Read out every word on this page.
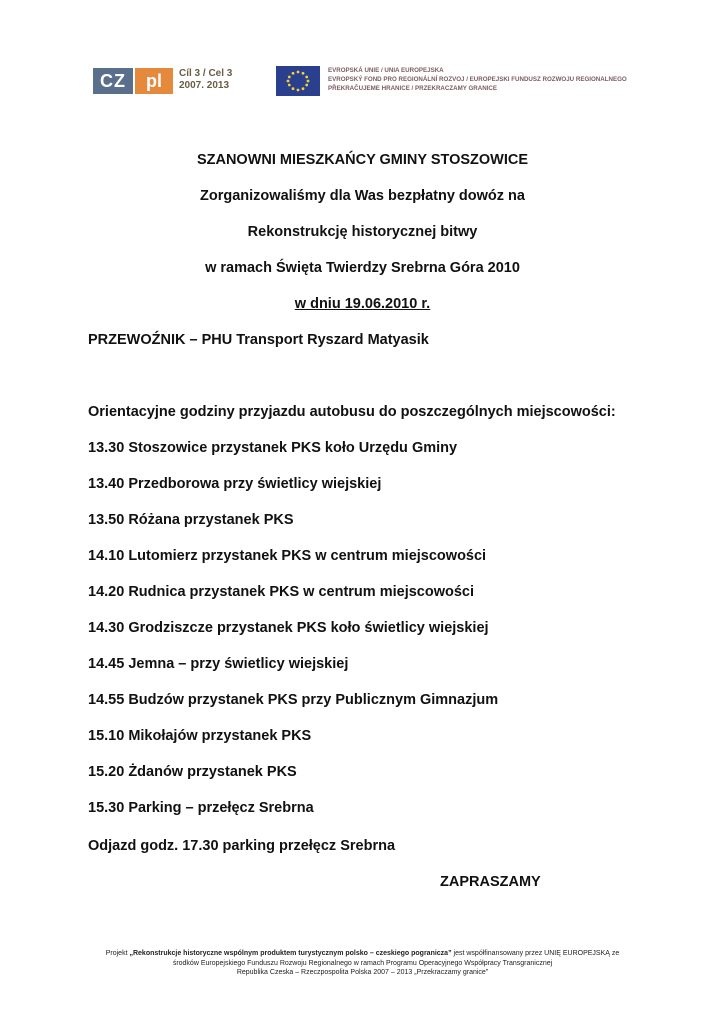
CZ	pl	Cíl 3 / Cel 3
2007. 2013
EVROPSKÁ UNIE / UNIA EUROPEJSKA
EVROPSKÝ FOND PRO REGIONÁLNÍ ROZVOJ / EUROPEJSKI FUNDUSZ ROZWOJU REGIONALNEGO
PŘEKRAČUJEME HRANICE / PRZEKRACZAMY GRANICE
SZANOWNI MIESZKAŃCY GMINY STOSZOWICE
Zorganizowaliśmy dla Was bezpłatny dowóz na
Rekonstrukcję historycznej bitwy
w ramach Święta Twierdzy Srebrna Góra 2010
w dniu 19.06.2010 r.
PRZEWOŹNIK – PHU Transport Ryszard Matyasik
Orientacyjne godziny przyjazdu autobusu do poszczególnych miejscowości:
13.30 Stoszowice przystanek PKS koło Urzędu Gminy
13.40 Przedborowa przy świetlicy wiejskiej
13.50 Różana przystanek PKS
14.10 Lutomierz przystanek PKS w centrum miejscowości
14.20 Rudnica przystanek PKS w centrum miejscowości
14.30 Grodziszcze przystanek PKS koło świetlicy wiejskiej
14.45 Jemna – przy świetlicy wiejskiej
14.55 Budzów przystanek PKS przy Publicznym Gimnazjum
15.10 Mikołajów przystanek PKS
15.20 Żdanów przystanek PKS
15.30 Parking – przełęcz Srebrna
Odjazd godz. 17.30 parking przełęcz Srebrna
ZAPRASZAMY
Projekt „Rekonstrukcje historyczne wspólnym produktem turystycznym polsko – czeskiego pogranicza” jest współfinansowany przez UNIĘ EUROPEJSKĄ ze
środków Europejskiego Funduszu Rozwoju Regionalnego w ramach Programu Operacyjnego Współpracy Transgranicznej
Republika Czeska – Rzeczpospolita Polska 2007 – 2013 „Przekraczamy granice”
